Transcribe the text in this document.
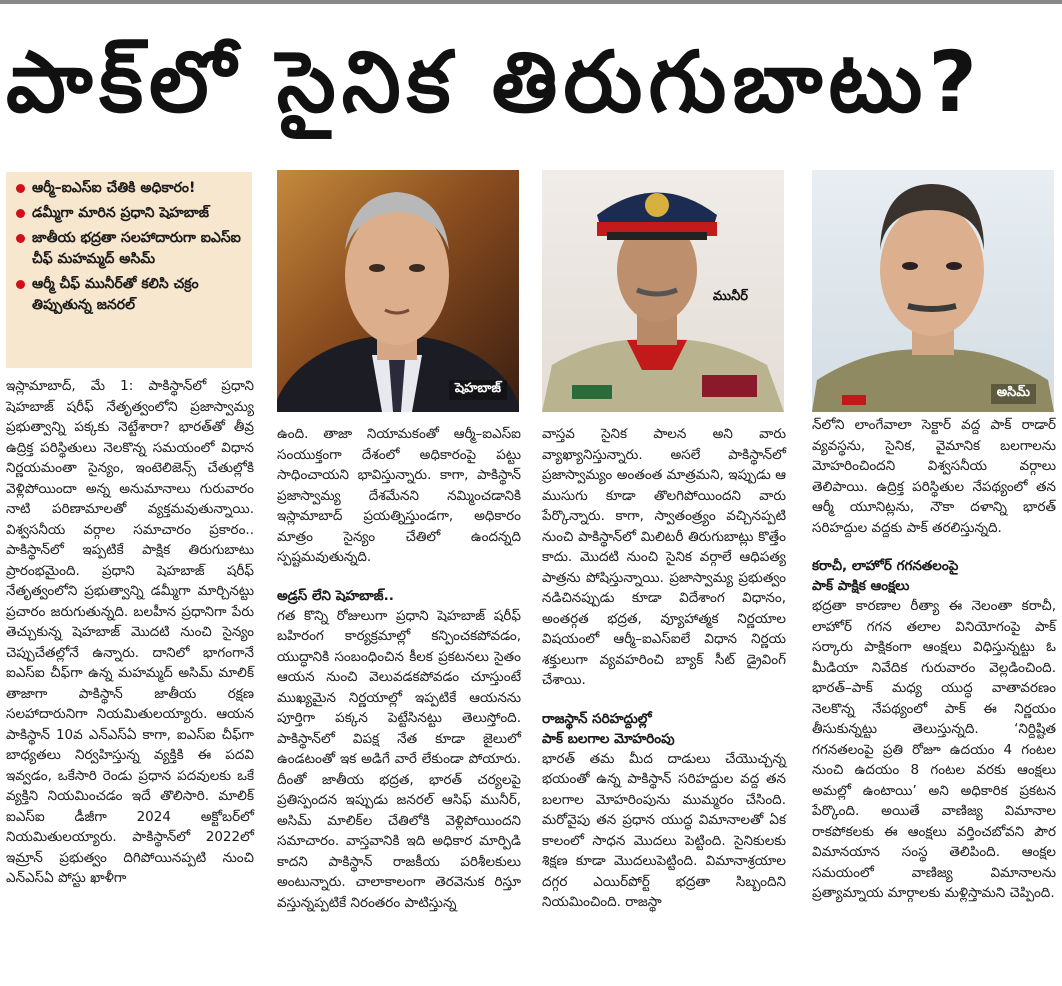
పాక్‌లో సైనిక తిరుగుబాటు?
ఆర్మీ–ఐఎస్ఐ చేతికి అధికారం!
డమ్మీగా మారిన ప్రధాని షెహబాజ్
జాతీయ భద్రతా సలహాదారుగా ఐఎస్ఐ చీఫ్ మహమ్మద్ అసిమ్
ఆర్మీ చీఫ్ మునీర్‌తో కలిసి చక్రం తిప్పుతున్న జనరల్
షెహబాజ్
మునీర్
అసిమ్

ఇస్లామాబాద్, మే 1: పాకిస్థాన్‌లో ప్రధాని షెహబాజ్ షరీఫ్ నేతృత్వంలోని ప్రజాస్వామ్య ప్రభుత్వాన్ని పక్కకు నెట్టేశారా? భారత్‌తో తీవ్ర ఉద్రిక్త పరిస్థితులు నెలకొన్న సమయంలో విధాన నిర్ణయమంతా సైన్యం, ఇంటెలిజెన్స్ చేతుల్లోకి వెళ్లిపోయిందా అన్న అనుమానాలు గురువారం నాటి పరిణామాలతో వ్యక్తమవుతున్నాయి. విశ్వసనీయ వర్గాల సమాచారం ప్రకారం.. పాకిస్థాన్‌లో ఇప్పటికే పాక్షిక తిరుగుబాటు ప్రారంభమైంది. ప్రధాని షెహబాజ్ షరీఫ్ నేతృత్వంలోని ప్రభుత్వాన్ని డమ్మీగా మార్చినట్టు ప్రచారం జరుగుతున్నది. బలహీన ప్రధానిగా పేరు తెచ్చుకున్న షెహబాజ్ మొదటి నుంచి సైన్యం చెప్పుచేతల్లోనే ఉన్నారు. దానిలో భాగంగానే ఐఎస్ఐ చీఫ్‌గా ఉన్న మహమ్మద్ అసిమ్ మాలిక్ తాజాగా పాకిస్థాన్ జాతీయ రక్షణ సలహాదారునిగా నియమితులయ్యారు. ఆయన పాకిస్థాన్ 10వ ఎన్ఎస్ఏ కాగా, ఐఎస్ఐ చీఫ్‌గా బాధ్యతలు నిర్వహిస్తున్న వ్యక్తికి ఈ పదవి ఇవ్వడం, ఒకేసారి రెండు ప్రధాన పదవులకు ఒకే వ్యక్తిని నియమించడం ఇదే తొలిసారి. మాలిక్ ఐఎస్ఐ డీజీగా 2024 అక్టోబర్‌లో నియమితులయ్యారు. పాకిస్థాన్‌లో 2022లో ఇమ్రాన్ ప్రభుత్వం దిగిపోయినప్పటి నుంచి ఎన్ఎస్ఏ పోస్టు ఖాళీగా

ఉంది. తాజా నియామకంతో ఆర్మీ–ఐఎస్ఐ సంయుక్తంగా దేశంలో అధికారంపై పట్టు సాధించాయని భావిస్తున్నారు. కాగా, పాకిస్థాన్ ప్రజాస్వామ్య దేశమేనని నమ్మించడానికి ఇస్లామాబాద్ ప్రయత్నిస్తుండగా, అధికారం మాత్రం సైన్యం చేతిలో ఉందన్నది స్పష్టమవుతున్నది.

అడ్రస్ లేని షెహబాజ్..

గత కొన్ని రోజులుగా ప్రధాని షెహబాజ్ షరీఫ్ బహిరంగ కార్యక్రమాల్లో కన్పించకపోవడం, యుద్ధానికి సంబంధించిన కీలక ప్రకటనలు సైతం ఆయన నుంచి వెలువడకపోవడం చూస్తుంటే ముఖ్యమైన నిర్ణయాల్లో ఇప్పటికే ఆయనను పూర్తిగా పక్కన పెట్టేసినట్టు తెలుస్తోంది. పాకిస్థాన్‌లో విపక్ష నేత కూడా జైలులో ఉండటంతో ఇక అడిగే వారే లేకుండా పోయారు. దీంతో జాతీయ భద్రత, భారత్ చర్యలపై ప్రతిస్పందన ఇప్పుడు జనరల్ ఆసిఫ్ మునీర్, అసిమ్ మాలిక్‌ల చేతిలోకి వెళ్లిపోయిందని సమాచారం. వాస్తవానికి ఇది అధికార మార్పిడి కాదని పాకిస్థాన్ రాజకీయ పరిశీలకులు అంటున్నారు. చాలాకాలంగా తెరవెనుక రిస్తూ వస్తున్నప్పటికే నిరంతరం పాటిస్తున్న

వాస్తవ సైనిక పాలన అని వారు వ్యాఖ్యానిస్తున్నారు. అసలే పాకిస్థాన్‌లో ప్రజాస్వామ్యం అంతంత మాత్రమని, ఇప్పుడు ఆ ముసుగు కూడా తొలగిపోయిందని వారు పేర్కొన్నారు. కాగా, స్వాతంత్ర్యం వచ్చినప్పటి నుంచి పాకిస్థాన్‌లో మిలిటరీ తిరుగుబాట్లు కొత్తేం కాదు. మొదటి నుంచి సైనిక వర్గాలే ఆధిపత్య పాత్రను పోషిస్తున్నాయి. ప్రజాస్వామ్య ప్రభుత్వం నడిచినప్పుడు కూడా విదేశాంగ విధానం, అంతర్గత భద్రత, వ్యూహాత్మక నిర్ణయాల విషయంలో ఆర్మీ–ఐఎస్ఐలే విధాన నిర్ణయ శక్తులుగా వ్యవహరించి బ్యాక్ సీట్ డ్రైవింగ్ చేశాయి.

రాజస్థాన్ సరిహద్దుల్లో
పాక్ బలగాల మోహరింపు

భారత్ తమ మీద దాడులు చేయొచ్చన్న భయంతో ఉన్న పాకిస్థాన్ సరిహద్దుల వద్ద తన బలగాల మోహరింపును ముమ్మరం చేసింది. మరోవైపు తన ప్రధాన యుద్ధ విమానాలతో ఏక కాలంలో సాధన మొదలు పెట్టింది. సైనికులకు శిక్షణ కూడా మొదలుపెట్టింది. విమానాశ్రయాల దగ్గర ఎయిర్‌పోర్ట్ భద్రతా సిబ్బందిని నియమించింది. రాజస్థా

న్‌లోని లాంగేవాలా సెక్టార్ వద్ద పాక్ రాడార్ వ్యవస్థను, సైనిక, వైమానిక బలగాలను మోహరించిందని విశ్వసనీయ వర్గాలు తెలిపాయి. ఉద్రిక్త పరిస్థితుల నేపథ్యంలో తన ఆర్మీ యూనిట్లను, నౌకా దళాన్ని భారత్ సరిహద్దుల వద్దకు పాక్ తరలిస్తున్నది.

కరాచీ, లాహోర్ గగనతలంపై
పాక్ పాక్షిక ఆంక్షలు

భద్రతా కారణాల రీత్యా ఈ నెలంతా కరాచీ, లాహోర్ గగన తలాల వినియోగంపై పాక్ సర్కారు పాక్షికంగా ఆంక్షలు విధిస్తున్నట్టు ఓ మీడియా నివేదిక గురువారం వెల్లడించింది. భారత్–పాక్ మధ్య యుద్ధ వాతావరణం నెలకొన్న నేపథ్యంలో పాక్ ఈ నిర్ణయం తీసుకున్నట్టు తెలుస్తున్నది. ‘నిర్దిష్టిత గగనతలంపై ప్రతి రోజూ ఉదయం 4 గంటల నుంచి ఉదయం 8 గంటల వరకు ఆంక్షలు అమల్లో ఉంటాయి’ అని అధికారిక ప్రకటన పేర్కొంది. అయితే వాణిజ్య విమానాల రాకపోకలకు ఈ ఆంక్షలు వర్తించబోవని పౌర విమానయాన సంస్థ తెలిపింది. ఆంక్షల సమయంలో వాణిజ్య విమానాలను ప్రత్యామ్నాయ మార్గాలకు మళ్లిస్తామని చెప్పింది.
